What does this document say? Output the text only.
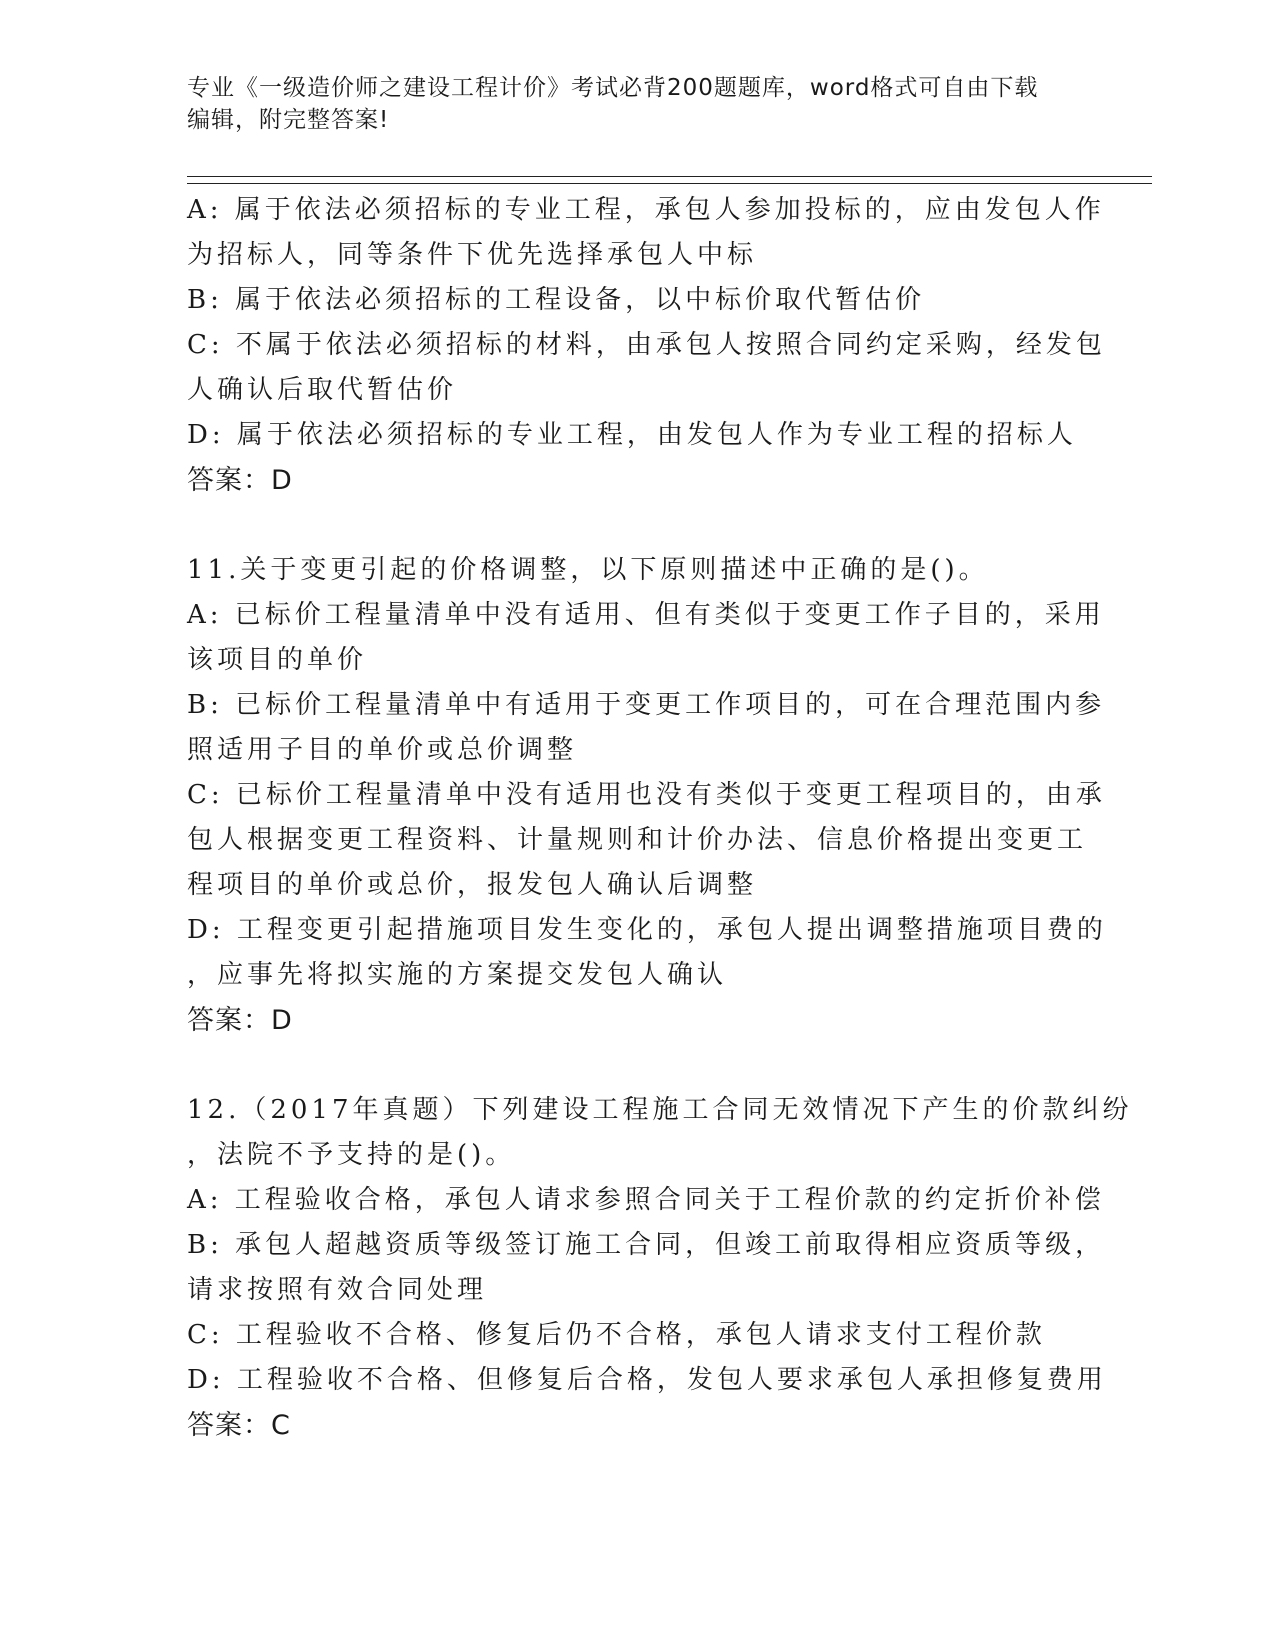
专业《一级造价师之建设工程计价》考试必背200题题库，word格式可自由下载
编辑，附完整答案!
A: 属于依法必须招标的专业工程，承包人参加投标的，应由发包人作
为招标人，同等条件下优先选择承包人中标
B: 属于依法必须招标的工程设备，以中标价取代暂估价
C: 不属于依法必须招标的材料，由承包人按照合同约定采购，经发包
人确认后取代暂估价
D: 属于依法必须招标的专业工程，由发包人作为专业工程的招标人
答案：D
11.关于变更引起的价格调整，以下原则描述中正确的是()。
A: 已标价工程量清单中没有适用、但有类似于变更工作子目的，采用
该项目的单价
B: 已标价工程量清单中有适用于变更工作项目的，可在合理范围内参
照适用子目的单价或总价调整
C: 已标价工程量清单中没有适用也没有类似于变更工程项目的，由承
包人根据变更工程资料、计量规则和计价办法、信息价格提出变更工
程项目的单价或总价，报发包人确认后调整
D: 工程变更引起措施项目发生变化的，承包人提出调整措施项目费的
，应事先将拟实施的方案提交发包人确认
答案：D
12.（2017年真题）下列建设工程施工合同无效情况下产生的价款纠纷
，法院不予支持的是()。
A: 工程验收合格，承包人请求参照合同关于工程价款的约定折价补偿
B: 承包人超越资质等级签订施工合同，但竣工前取得相应资质等级，
请求按照有效合同处理
C: 工程验收不合格、修复后仍不合格，承包人请求支付工程价款
D: 工程验收不合格、但修复后合格，发包人要求承包人承担修复费用
答案：C
